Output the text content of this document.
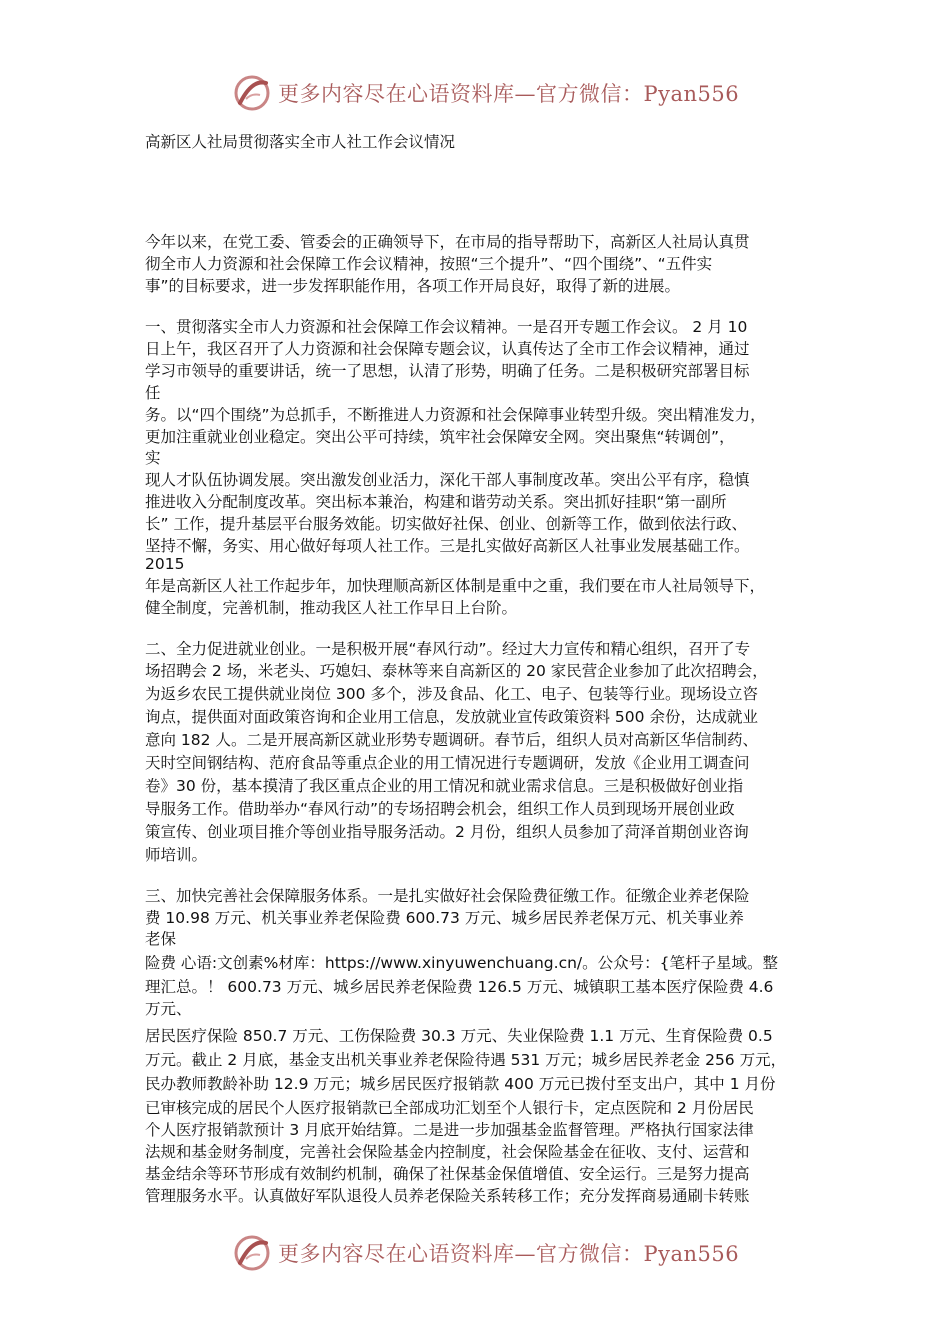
更多内容尽在心语资料库—官方微信：Pyan556
高新区人社局贯彻落实全市人社工作会议情况
今年以来，在党工委、管委会的正确领导下，在市局的指导帮助下，高新区人社局认真贯
彻全市人力资源和社会保障工作会议精神，按照“三个提升”、“四个围绕”、“五件实
事”的目标要求，进一步发挥职能作用，各项工作开局良好，取得了新的进展。
一、贯彻落实全市人力资源和社会保障工作会议精神。一是召开专题工作会议。 2 月 10
日上午，我区召开了人力资源和社会保障专题会议，认真传达了全市工作会议精神，通过
学习市领导的重要讲话，统一了思想，认清了形势，明确了任务。二是积极研究部署目标
任
务。以“四个围绕”为总抓手，不断推进人力资源和社会保障事业转型升级。突出精准发力，
更加注重就业创业稳定。突出公平可持续，筑牢社会保障安全网。突出聚焦“转调创”，
实
现人才队伍协调发展。突出激发创业活力，深化干部人事制度改革。突出公平有序，稳慎
推进收入分配制度改革。突出标本兼治，构建和谐劳动关系。突出抓好挂职“第一副所
长” 工作，提升基层平台服务效能。切实做好社保、创业、创新等工作，做到依法行政、
坚持不懈，务实、用心做好每项人社工作。三是扎实做好高新区人社事业发展基础工作。
2015
年是高新区人社工作起步年，加快理顺高新区体制是重中之重，我们要在市人社局领导下，
健全制度，完善机制，推动我区人社工作早日上台阶。
二、全力促进就业创业。一是积极开展“春风行动”。经过大力宣传和精心组织，召开了专
场招聘会 2 场，米老头、巧媳妇、泰林等来自高新区的 20 家民营企业参加了此次招聘会，
为返乡农民工提供就业岗位 300 多个，涉及食品、化工、电子、包装等行业。现场设立咨
询点，提供面对面政策咨询和企业用工信息，发放就业宣传政策资料 500 余份，达成就业
意向 182 人。二是开展高新区就业形势专题调研。春节后，组织人员对高新区华信制药、
天时空间钢结构、范府食品等重点企业的用工情况进行专题调研，发放《企业用工调查问
卷》30 份，基本摸清了我区重点企业的用工情况和就业需求信息。三是积极做好创业指
导服务工作。借助举办“春风行动”的专场招聘会机会，组织工作人员到现场开展创业政
策宣传、创业项目推介等创业指导服务活动。2 月份，组织人员参加了菏泽首期创业咨询
师培训。
三、加快完善社会保障服务体系。一是扎实做好社会保险费征缴工作。征缴企业养老保险
费 10.98 万元、机关事业养老保险费 600.73 万元、城乡居民养老保万元、机关事业养
老保
险费 心语:文创素%材库：https://www.xinyuwenchuang.cn/。公众号：{笔杆子星域。整
理汇总。！ 600.73 万元、城乡居民养老保险费 126.5 万元、城镇职工基本医疗保险费 4.6
万元、
居民医疗保险 850.7 万元、工伤保险费 30.3 万元、失业保险费 1.1 万元、生育保险费 0.5
万元。截止 2 月底，基金支出机关事业养老保险待遇 531 万元；城乡居民养老金 256 万元，
民办教师教龄补助 12.9 万元；城乡居民医疗报销款 400 万元已拨付至支出户，其中 1 月份
已审核完成的居民个人医疗报销款已全部成功汇划至个人银行卡，定点医院和 2 月份居民
个人医疗报销款预计 3 月底开始结算。二是进一步加强基金监督管理。严格执行国家法律
法规和基金财务制度，完善社会保险基金内控制度，社会保险基金在征收、支付、运营和
基金结余等环节形成有效制约机制，确保了社保基金保值增值、安全运行。三是努力提高
管理服务水平。认真做好军队退役人员养老保险关系转移工作；充分发挥商易通刷卡转账
更多内容尽在心语资料库—官方微信：Pyan556
